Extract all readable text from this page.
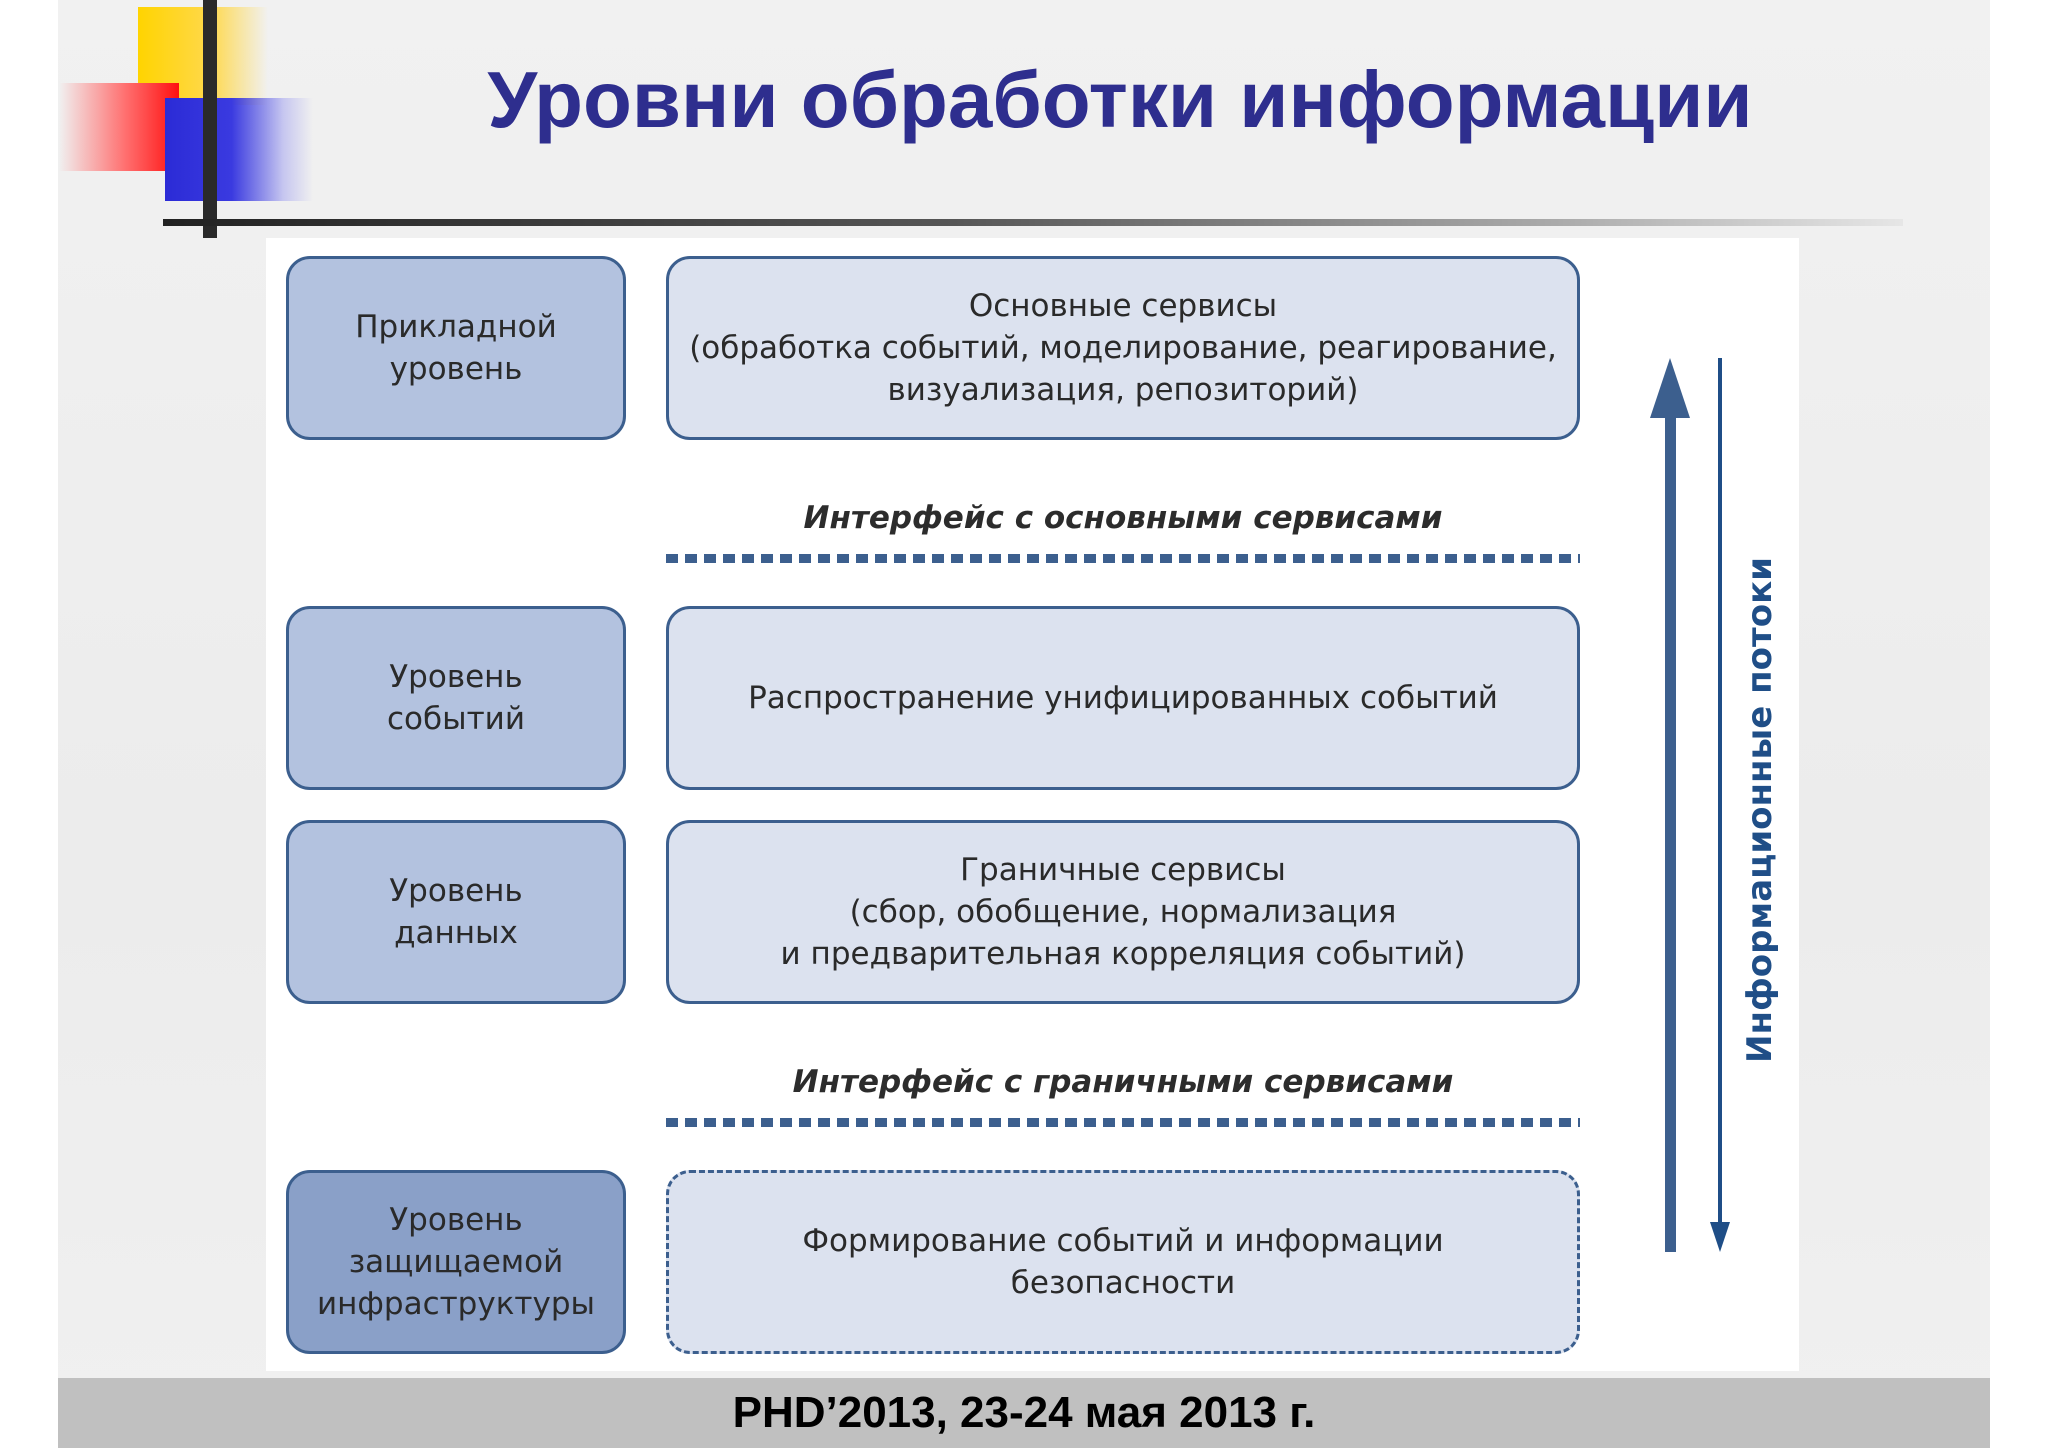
Уровни обработки информации
Прикладной
уровень
Основные сервисы
(обработка событий, моделирование, реагирование,
визуализация, репозиторий)
Интерфейс с основными сервисами
Уровень
событий
Распространение унифицированных событий
Уровень
данных
Граничные сервисы
(сбор, обобщение, нормализация
и предварительная корреляция событий)
Интерфейс с граничными сервисами
Уровень
защищаемой
инфраструктуры
Формирование событий и информации безопасности
Информационные потоки
PHD’2013, 23-24 мая 2013 г.
